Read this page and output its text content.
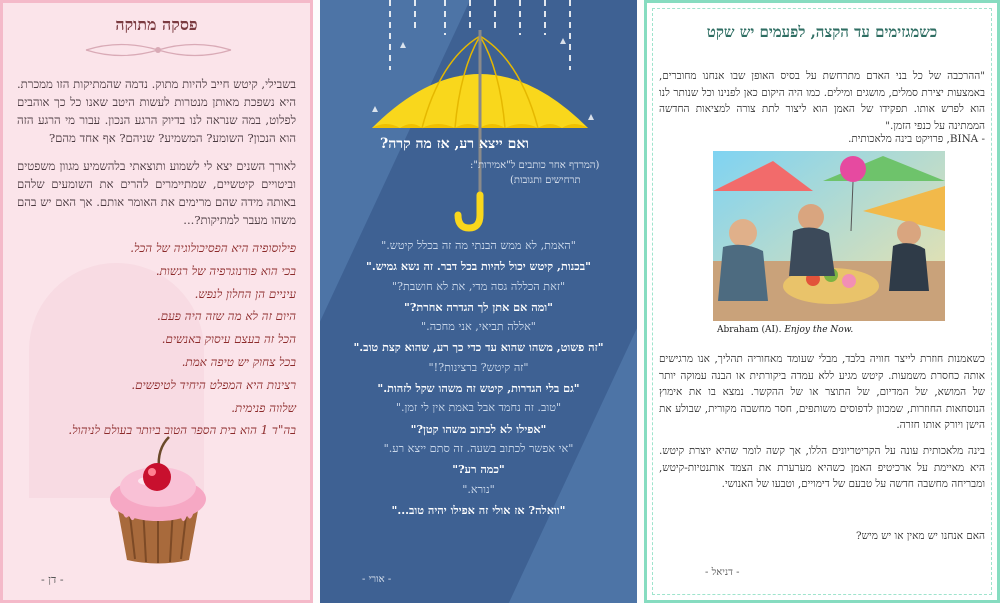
פסקה מתוקה

בשבילי, קיטש חייב להיות מתוק. נדמה שהמתיקות הזו ממכרת. היא נשפכת מאותן מנטרות לעשות היטב שאנו כל כך אוהבים לפלוט, במה שנראה לנו בדיוק הרגע הנכון. עבור מי הרגע הזה הוא הנכון? השומע? המשמיע? שניהם? אף אחד מהם?

לאורך השנים יצא לי לשמוע ותוצאתי בלהשמיע מגוון משפטים וביטויים קיטשיים, שמתיימרים להרים את השומעים שלהם באותה מידה שהם מרימים את האומר אותם. אך האם יש בהם משהו מעבר למתיקות?...

פילוסופיה היא הפסיכולוגיה של הכל.
בכי הוא פורנוגרפיה של רגשות.
עיניים הן החלון לנפש.
היום זה לא מה שזה היה פעם.
הכל זה בעצם עיסוק באנשים.
בכל צחוק יש טיפה אמת.
רצינות היא המפלט היחיד לטיפשים.
שלווה פנימית.
בה"ד 1 הוא בית הספר הטוב ביותר בעולם לניהול.
- דן -
ואם ייצא רע, אז מה קרה?
(המרדף אחר כותבים ל"אמירות":
תרחישים ותגובות)
"האמת, לא ממש הבנתי מה זה בכלל קיטש."
"בכנות, קיטש יכול להיות בכל דבר. זה נשא גמיש."
"זאת הכללה גסה מדי, את לא חושבת?"
"ומה אם אתן לך הגדרה אחרת?"
"אללה תביאי, אני מחכה."
"זה פשוט, משהו שהוא עד כדי כך רע, שהוא קצת טוב."
"זה קיטש? ברצינות?!"
"גם בלי הגדרות, קיטש זה משהו שקל לזהות."
"טוב. זה נחמד אבל באמת אין לי זמן."
"אפילו לא לכתוב משהו קטן?"
"אי אפשר לכתוב בשעה. זה סתם ייצא רע."
"כמה רע?"
"נורא."
"וואלה? אז אולי זה אפילו יהיה טוב..."
- אורי -
כשמגזימים עד הקצה, לפעמים יש שקט
"ההרכבה של כל בני האדם מתרחשת על בסיס האופן שבו אנחנו מחוברים, באמצעות יצירת סמלים, מושגים ומילים. כמו היה היקום כאן לפנינו וכל שנותר לנו הוא לפרש אותו. תפקידו של האמן הוא ליצור לתת צורה למציאות החדשה הממתינה על כנפי הזמן."
- BINA, פרויקט בינה מלאכותית.
Abraham (AI). Enjoy the Now.
כשאמנות חוזרת לייצר חוויה בלבד, מבלי שעומד מאחוריה תהליך, אנו מרגישים אותה כחסרת משמעות. קיטש מגיע ללא עמדה ביקורתית או הבנה עמוקה יותר של המושא, של המדיום, של התוצר או של ההקשר. נמצא בו את אימוץ הנוסחאות החוזרות, שמכוון לדפוסים משותפים, חסר מחשבה מקורית, שבולע את הישן ויורק אותו חזרה.
בינה מלאכותית עונה על הקריטריונים הללו, אך קשה לומר שהיא יוצרת קיטש. היא מאיימת על ארכיטיפ האמן כשהיא מערערת את הצמד אותנטיות-קיטש, ומבריחה מחשבה חדשה על טבעם של דימויים, וטבעו של האנושי.
האם אנחנו יש מאין או יש מיש?
- דניאל -
